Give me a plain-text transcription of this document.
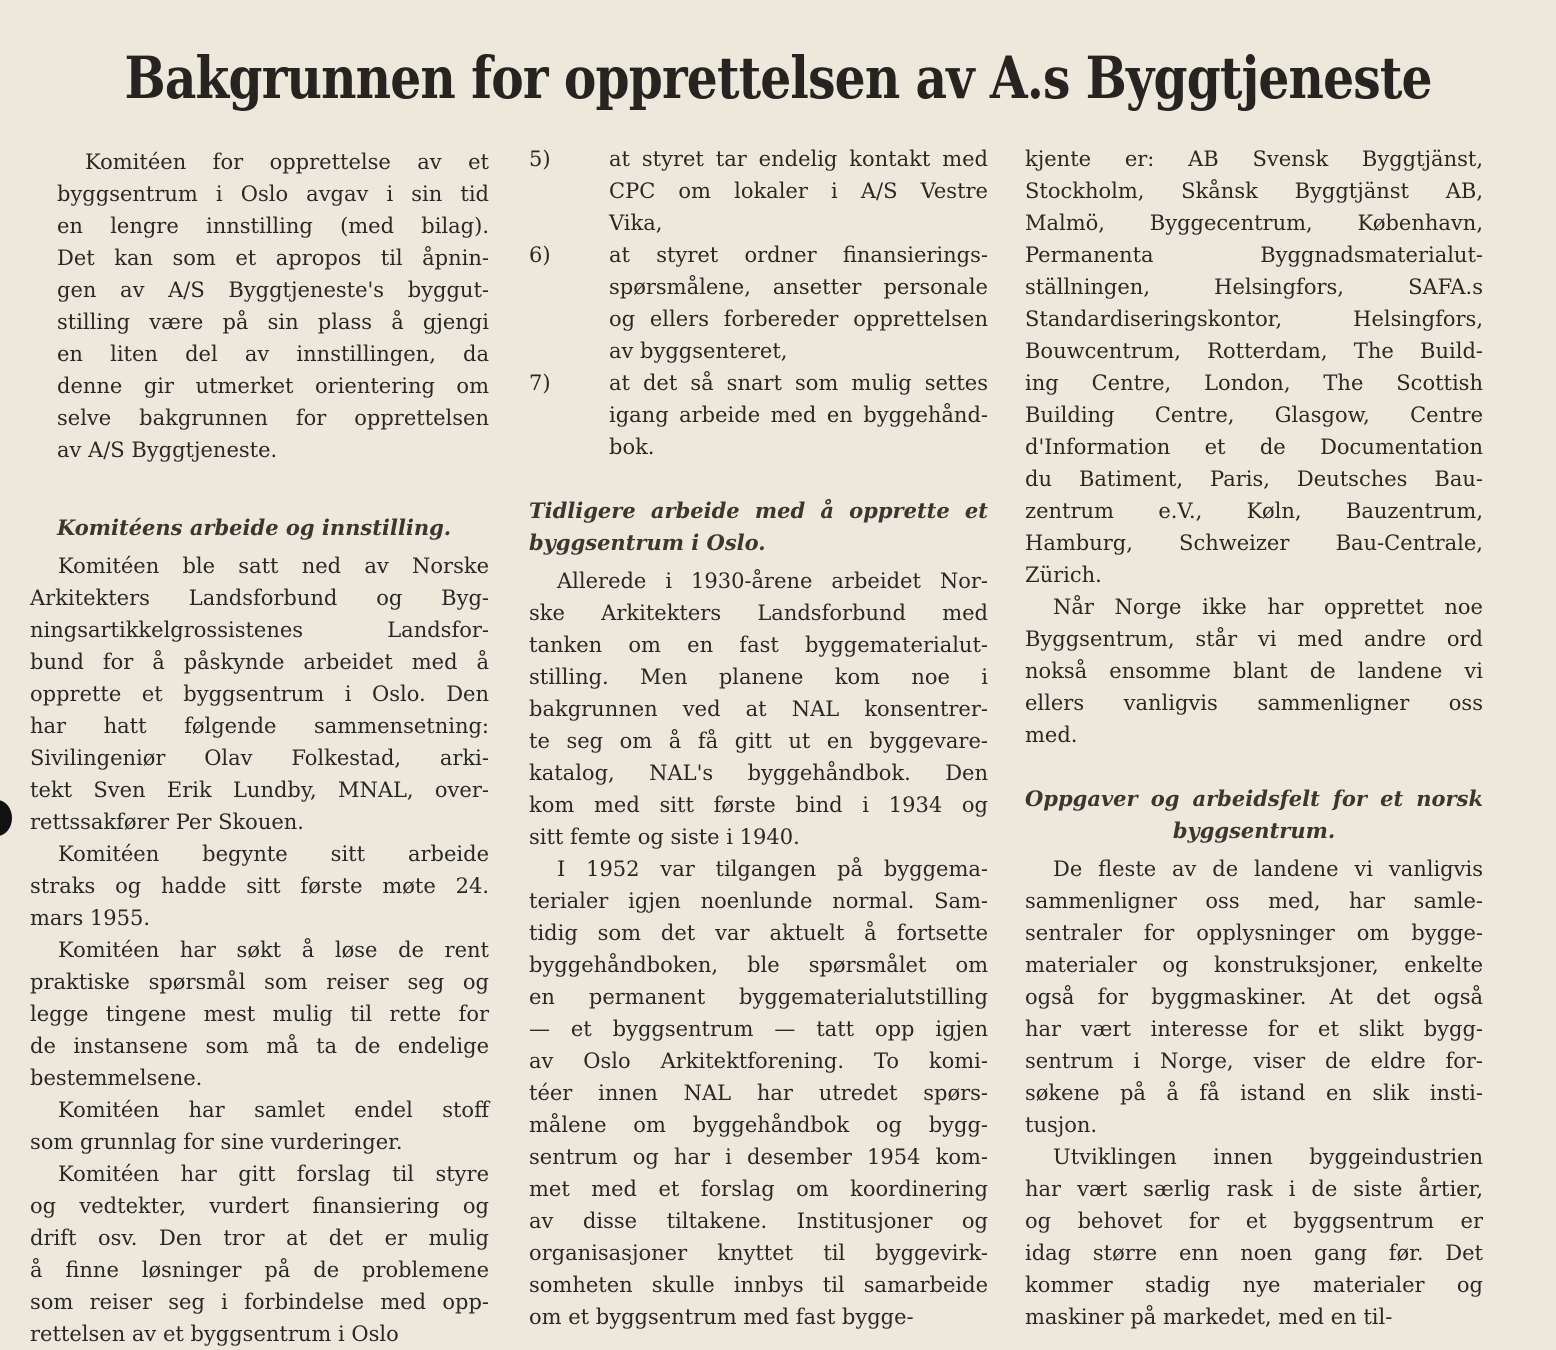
Bakgrunnen for opprettelsen av A.s Byggtjeneste
Komitéen for opprettelse av et
byggsentrum i Oslo avgav i sin tid
en lengre innstilling (med bilag).
Det kan som et apropos til åpnin-
gen av A/S Byggtjeneste's byggut-
stilling være på sin plass å gjengi
en liten del av innstillingen, da
denne gir utmerket orientering om
selve bakgrunnen for opprettelsen
av A/S Byggtjeneste.
Komitéens arbeide og innstilling.
Komitéen ble satt ned av Norske
Arkitekters Landsforbund og Byg-
ningsartikkelgrossistenes Landsfor-
bund for å påskynde arbeidet med å
opprette et byggsentrum i Oslo. Den
har hatt følgende sammensetning:
Sivilingeniør Olav Folkestad, arki-
tekt Sven Erik Lundby, MNAL, over-
rettssakfører Per Skouen.
Komitéen begynte sitt arbeide
straks og hadde sitt første møte 24.
mars 1955.
Komitéen har søkt å løse de rent
praktiske spørsmål som reiser seg og
legge tingene mest mulig til rette for
de instansene som må ta de endelige
bestemmelsene.
Komitéen har samlet endel stoff
som grunnlag for sine vurderinger.
Komitéen har gitt forslag til styre
og vedtekter, vurdert finansiering og
drift osv. Den tror at det er mulig
å finne løsninger på de problemene
som reiser seg i forbindelse med opp-
rettelsen av et byggsentrum i Oslo
5)	at styret tar endelig kontakt med
CPC om lokaler i A/S Vestre
Vika,
6)	at styret ordner finansierings-
spørsmålene, ansetter personale
og ellers forbereder opprettelsen
av byggsenteret,
7)	at det så snart som mulig settes
igang arbeide med en byggehånd-
bok.
Tidligere arbeide med å opprette et
byggsentrum i Oslo.
Allerede i 1930-årene arbeidet Nor-
ske Arkitekters Landsforbund med
tanken om en fast byggematerialut-
stilling. Men planene kom noe i
bakgrunnen ved at NAL konsentrer-
te seg om å få gitt ut en byggevare-
katalog, NAL's byggehåndbok. Den
kom med sitt første bind i 1934 og
sitt femte og siste i 1940.
I 1952 var tilgangen på byggema-
terialer igjen noenlunde normal. Sam-
tidig som det var aktuelt å fortsette
byggehåndboken, ble spørsmålet om
en permanent byggematerialutstilling
— et byggsentrum — tatt opp igjen
av Oslo Arkitektforening. To komi-
téer innen NAL har utredet spørs-
målene om byggehåndbok og bygg-
sentrum og har i desember 1954 kom-
met med et forslag om koordinering
av disse tiltakene. Institusjoner og
organisasjoner knyttet til byggevirk-
somheten skulle innbys til samarbeide
om et byggsentrum med fast bygge-
kjente er: AB Svensk Byggtjänst,
Stockholm, Skånsk Byggtjänst AB,
Malmö, Byggecentrum, København,
Permanenta Byggnadsmaterialut-
ställningen, Helsingfors, SAFA.s
Standardiseringskontor, Helsingfors,
Bouwcentrum, Rotterdam, The Build-
ing Centre, London, The Scottish
Building Centre, Glasgow, Centre
d'Information et de Documentation
du Batiment, Paris, Deutsches Bau-
zentrum e.V., Køln, Bauzentrum,
Hamburg, Schweizer Bau-Centrale,
Zürich.
Når Norge ikke har opprettet noe
Byggsentrum, står vi med andre ord
nokså ensomme blant de landene vi
ellers vanligvis sammenligner oss
med.
Oppgaver og arbeidsfelt for et norsk
byggsentrum.
De fleste av de landene vi vanligvis
sammenligner oss med, har samle-
sentraler for opplysninger om bygge-
materialer og konstruksjoner, enkelte
også for byggmaskiner. At det også
har vært interesse for et slikt bygg-
sentrum i Norge, viser de eldre for-
søkene på å få istand en slik insti-
tusjon.
Utviklingen innen byggeindustrien
har vært særlig rask i de siste årtier,
og behovet for et byggsentrum er
idag større enn noen gang før. Det
kommer stadig nye materialer og
maskiner på markedet, med en til-
